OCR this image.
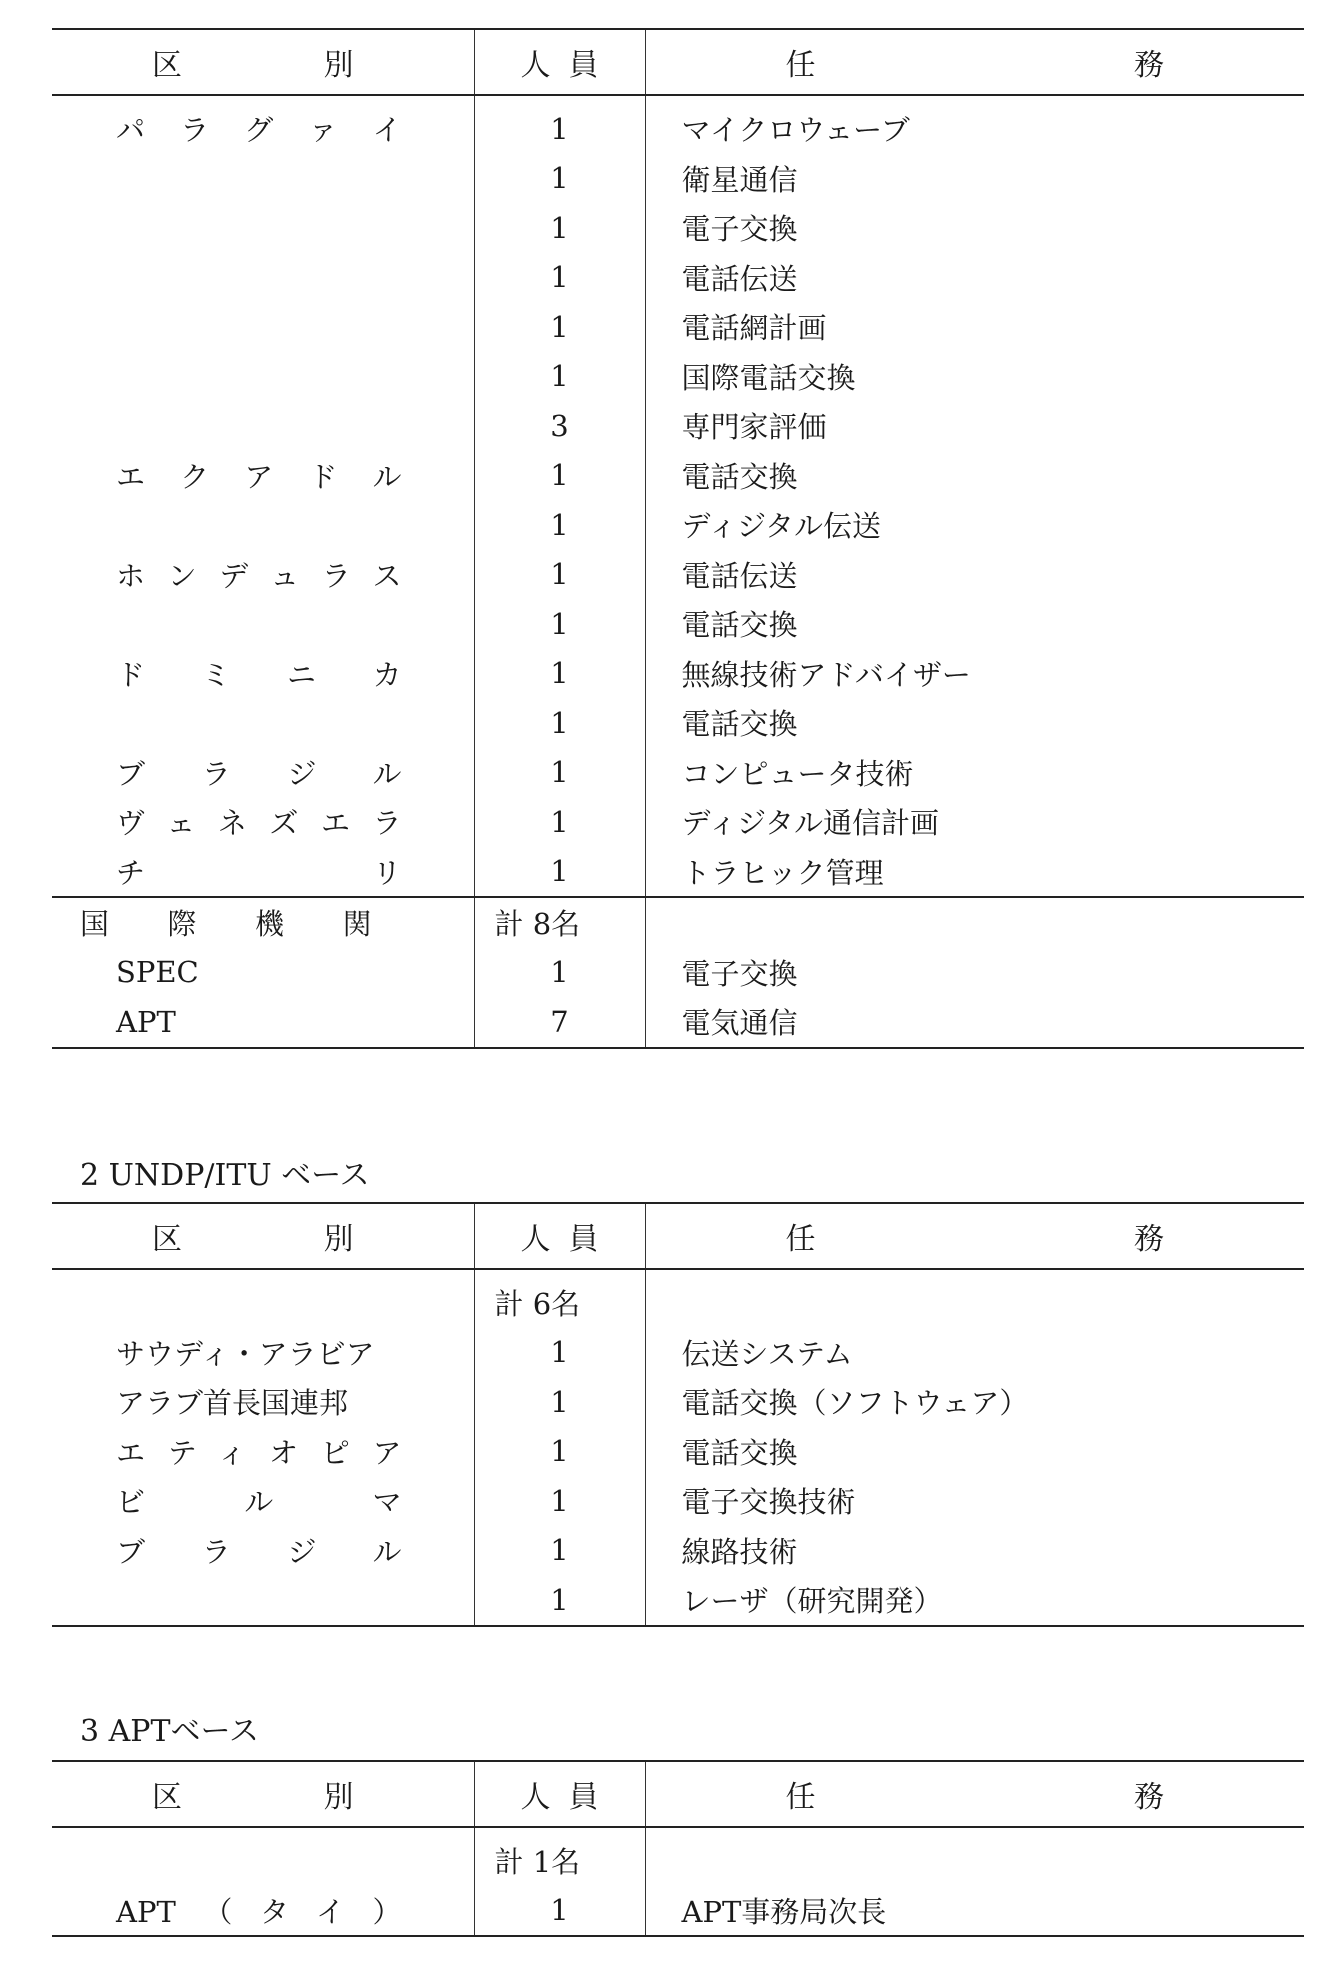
区 別	人員	任 務

パラグァイ	1	マイクロウェーブ
	1	衛星通信
	1	電子交換
	1	電話伝送
	1	電話網計画
	1	国際電話交換
	3	専門家評価
エクアドル	1	電話交換
	1	ディジタル伝送
ホンデュラス	1	電話伝送
	1	電話交換
ドミニカ	1	無線技術アドバイザー
	1	電話交換
ブラジル	1	コンピュータ技術
ヴェネズエラ	1	ディジタル通信計画
チリ	1	トラヒック管理
国際機関	計 8名	
SPEC	1	電子交換
APT	7	電気通信
2 UNDP/ITU ベース
区 別	人員	任 務

	計 6名	
サウディ・アラビア	1	伝送システム
アラブ首長国連邦	1	電話交換（ソフトウェア）
エティオピア	1	電話交換
ビルマ	1	電子交換技術
ブラジル	1	線路技術
	1	レーザ（研究開発）
3 APTベース
区 別	人員	任 務

	計 1名	
APT（タイ）	1	APT事務局次長
